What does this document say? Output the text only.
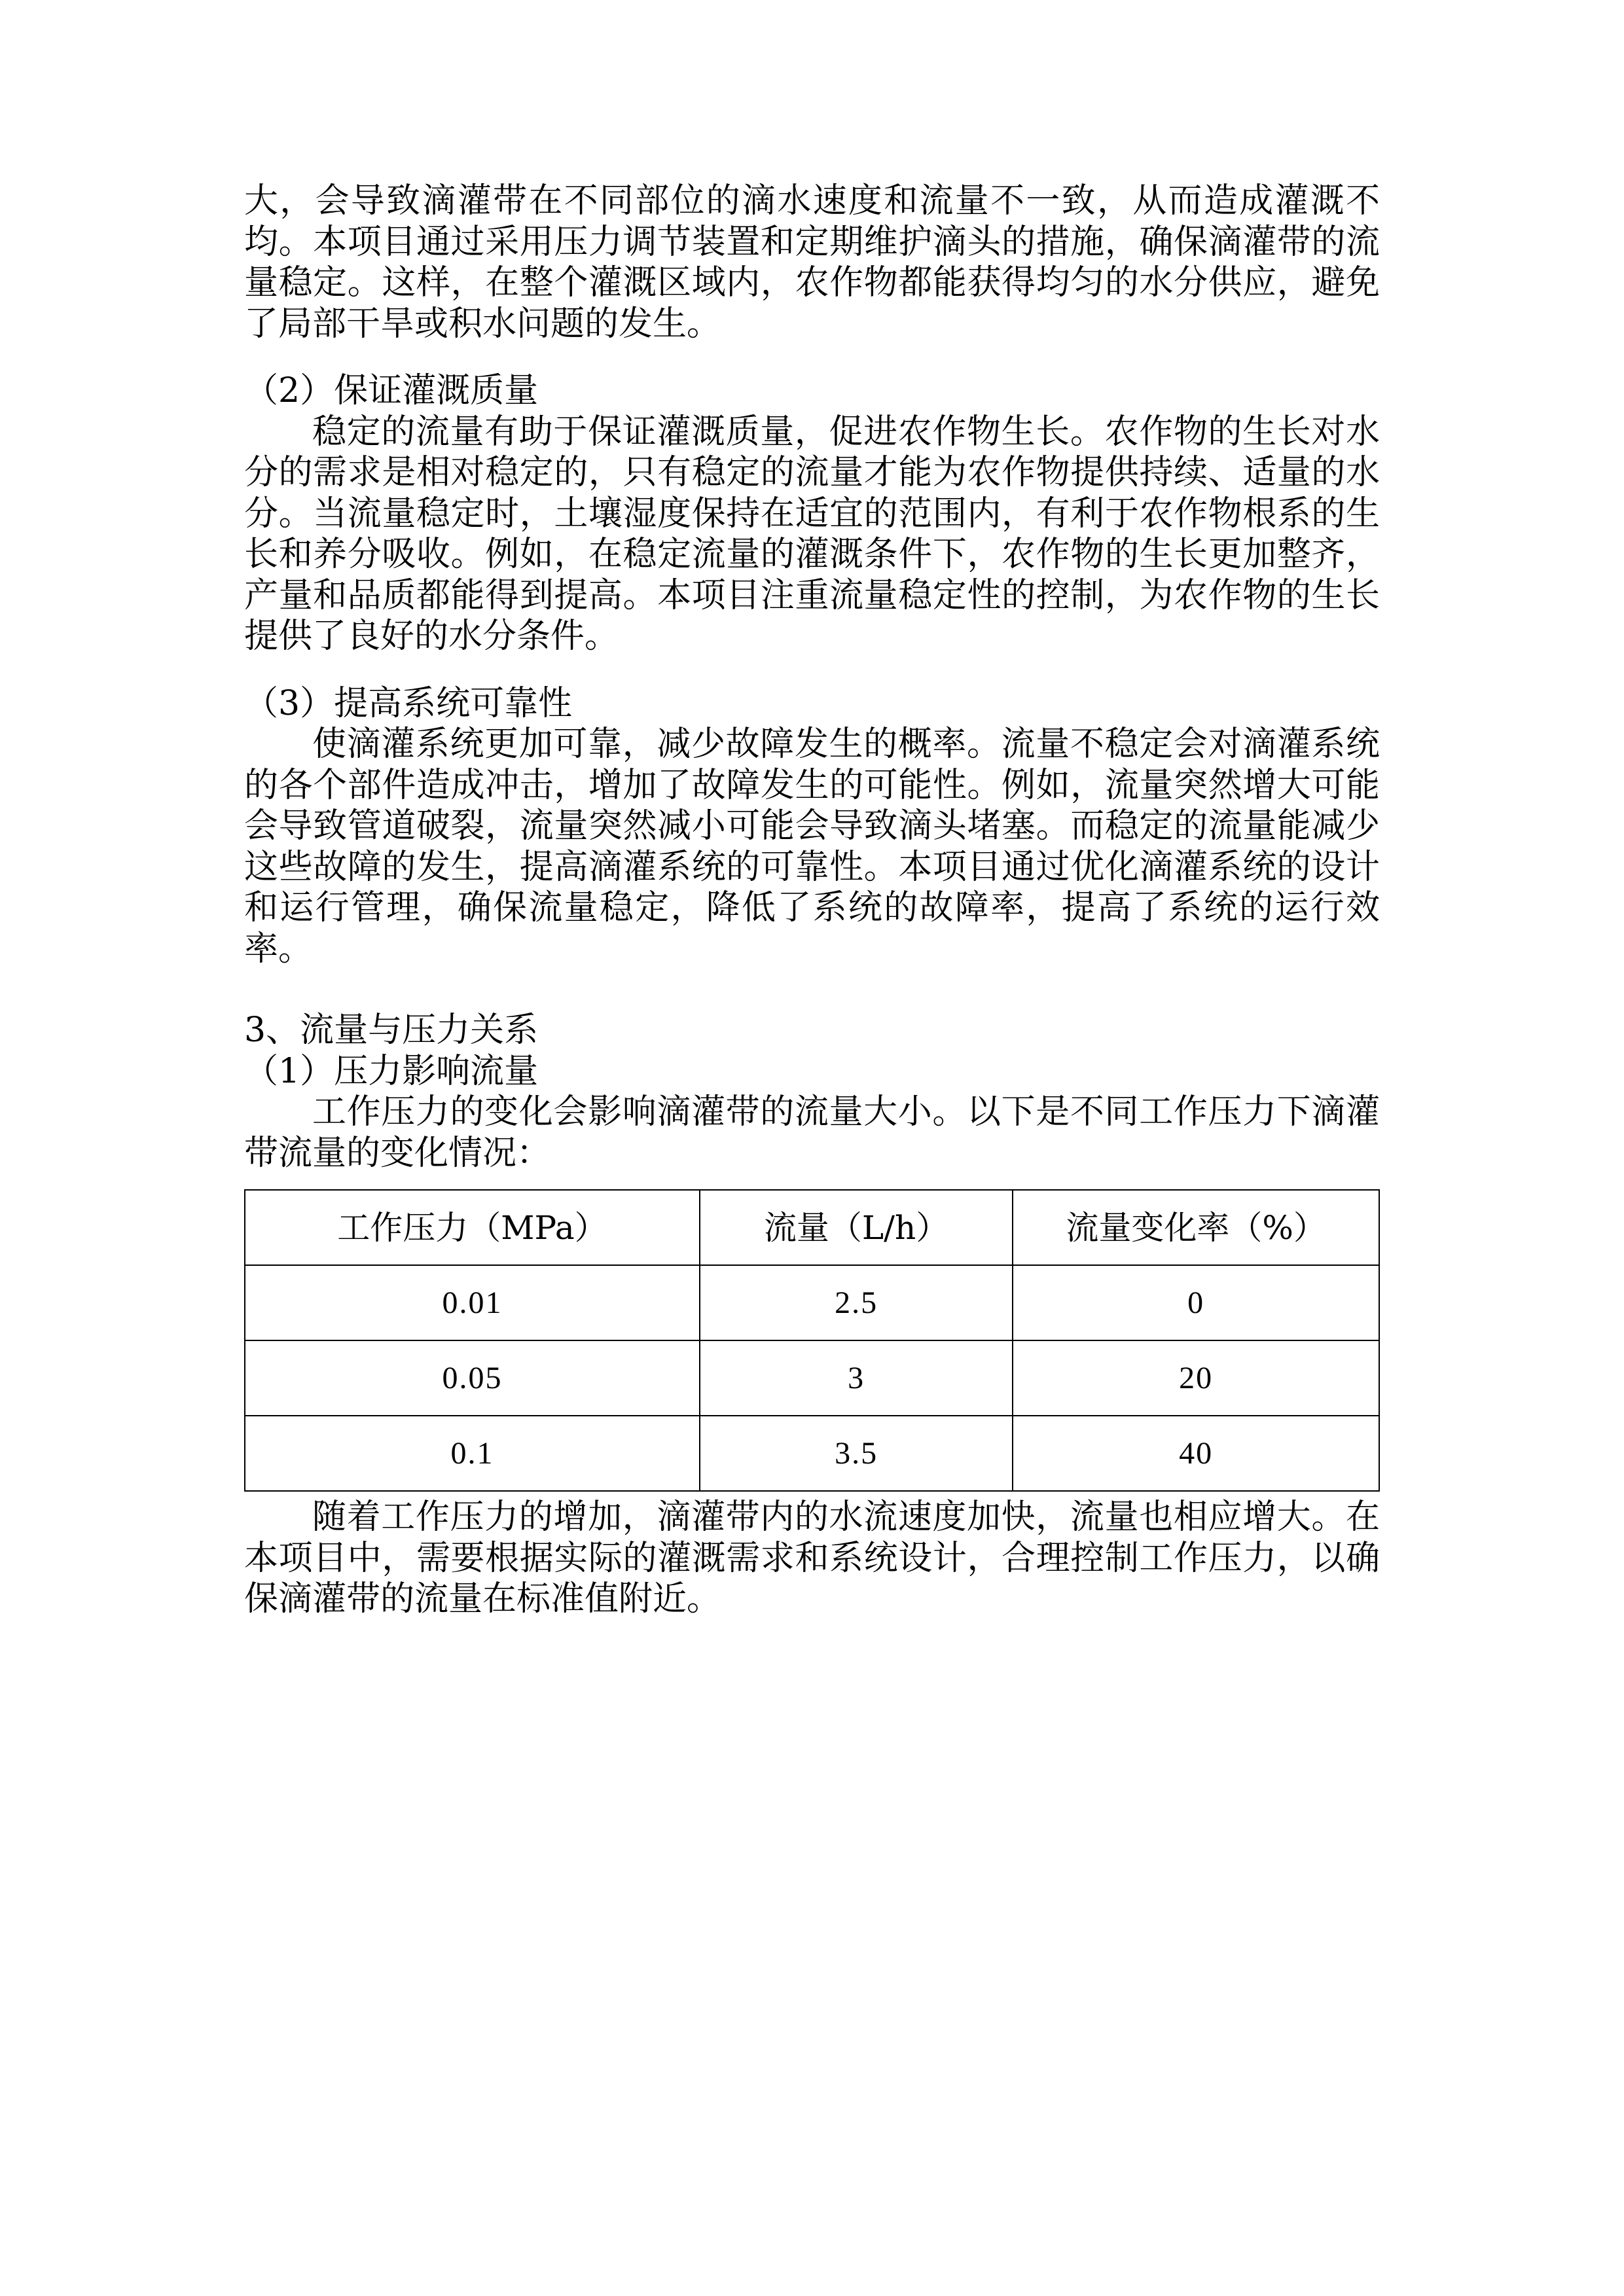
大，会导致滴灌带在不同部位的滴水速度和流量不一致，从而造成灌溉不均。本项目通过采用压力调节装置和定期维护滴头的措施，确保滴灌带的流量稳定。这样，在整个灌溉区域内，农作物都能获得均匀的水分供应，避免了局部干旱或积水问题的发生。

（2）保证灌溉质量

稳定的流量有助于保证灌溉质量，促进农作物生长。农作物的生长对水分的需求是相对稳定的，只有稳定的流量才能为农作物提供持续、适量的水分。当流量稳定时，土壤湿度保持在适宜的范围内，有利于农作物根系的生长和养分吸收。例如，在稳定流量的灌溉条件下，农作物的生长更加整齐，产量和品质都能得到提高。本项目注重流量稳定性的控制，为农作物的生长提供了良好的水分条件。

（3）提高系统可靠性

使滴灌系统更加可靠，减少故障发生的概率。流量不稳定会对滴灌系统的各个部件造成冲击，增加了故障发生的可能性。例如，流量突然增大可能会导致管道破裂，流量突然减小可能会导致滴头堵塞。而稳定的流量能减少这些故障的发生，提高滴灌系统的可靠性。本项目通过优化滴灌系统的设计和运行管理，确保流量稳定，降低了系统的故障率，提高了系统的运行效率。

3、流量与压力关系
（1）压力影响流量

工作压力的变化会影响滴灌带的流量大小。以下是不同工作压力下滴灌带流量的变化情况：

工作压力（MPa）	流量（L/h）	流量变化率（%）
0.01	2.5	0
0.05	3	20
0.1	3.5	40

随着工作压力的增加，滴灌带内的水流速度加快，流量也相应增大。在本项目中，需要根据实际的灌溉需求和系统设计，合理控制工作压力，以确保滴灌带的流量在标准值附近。
